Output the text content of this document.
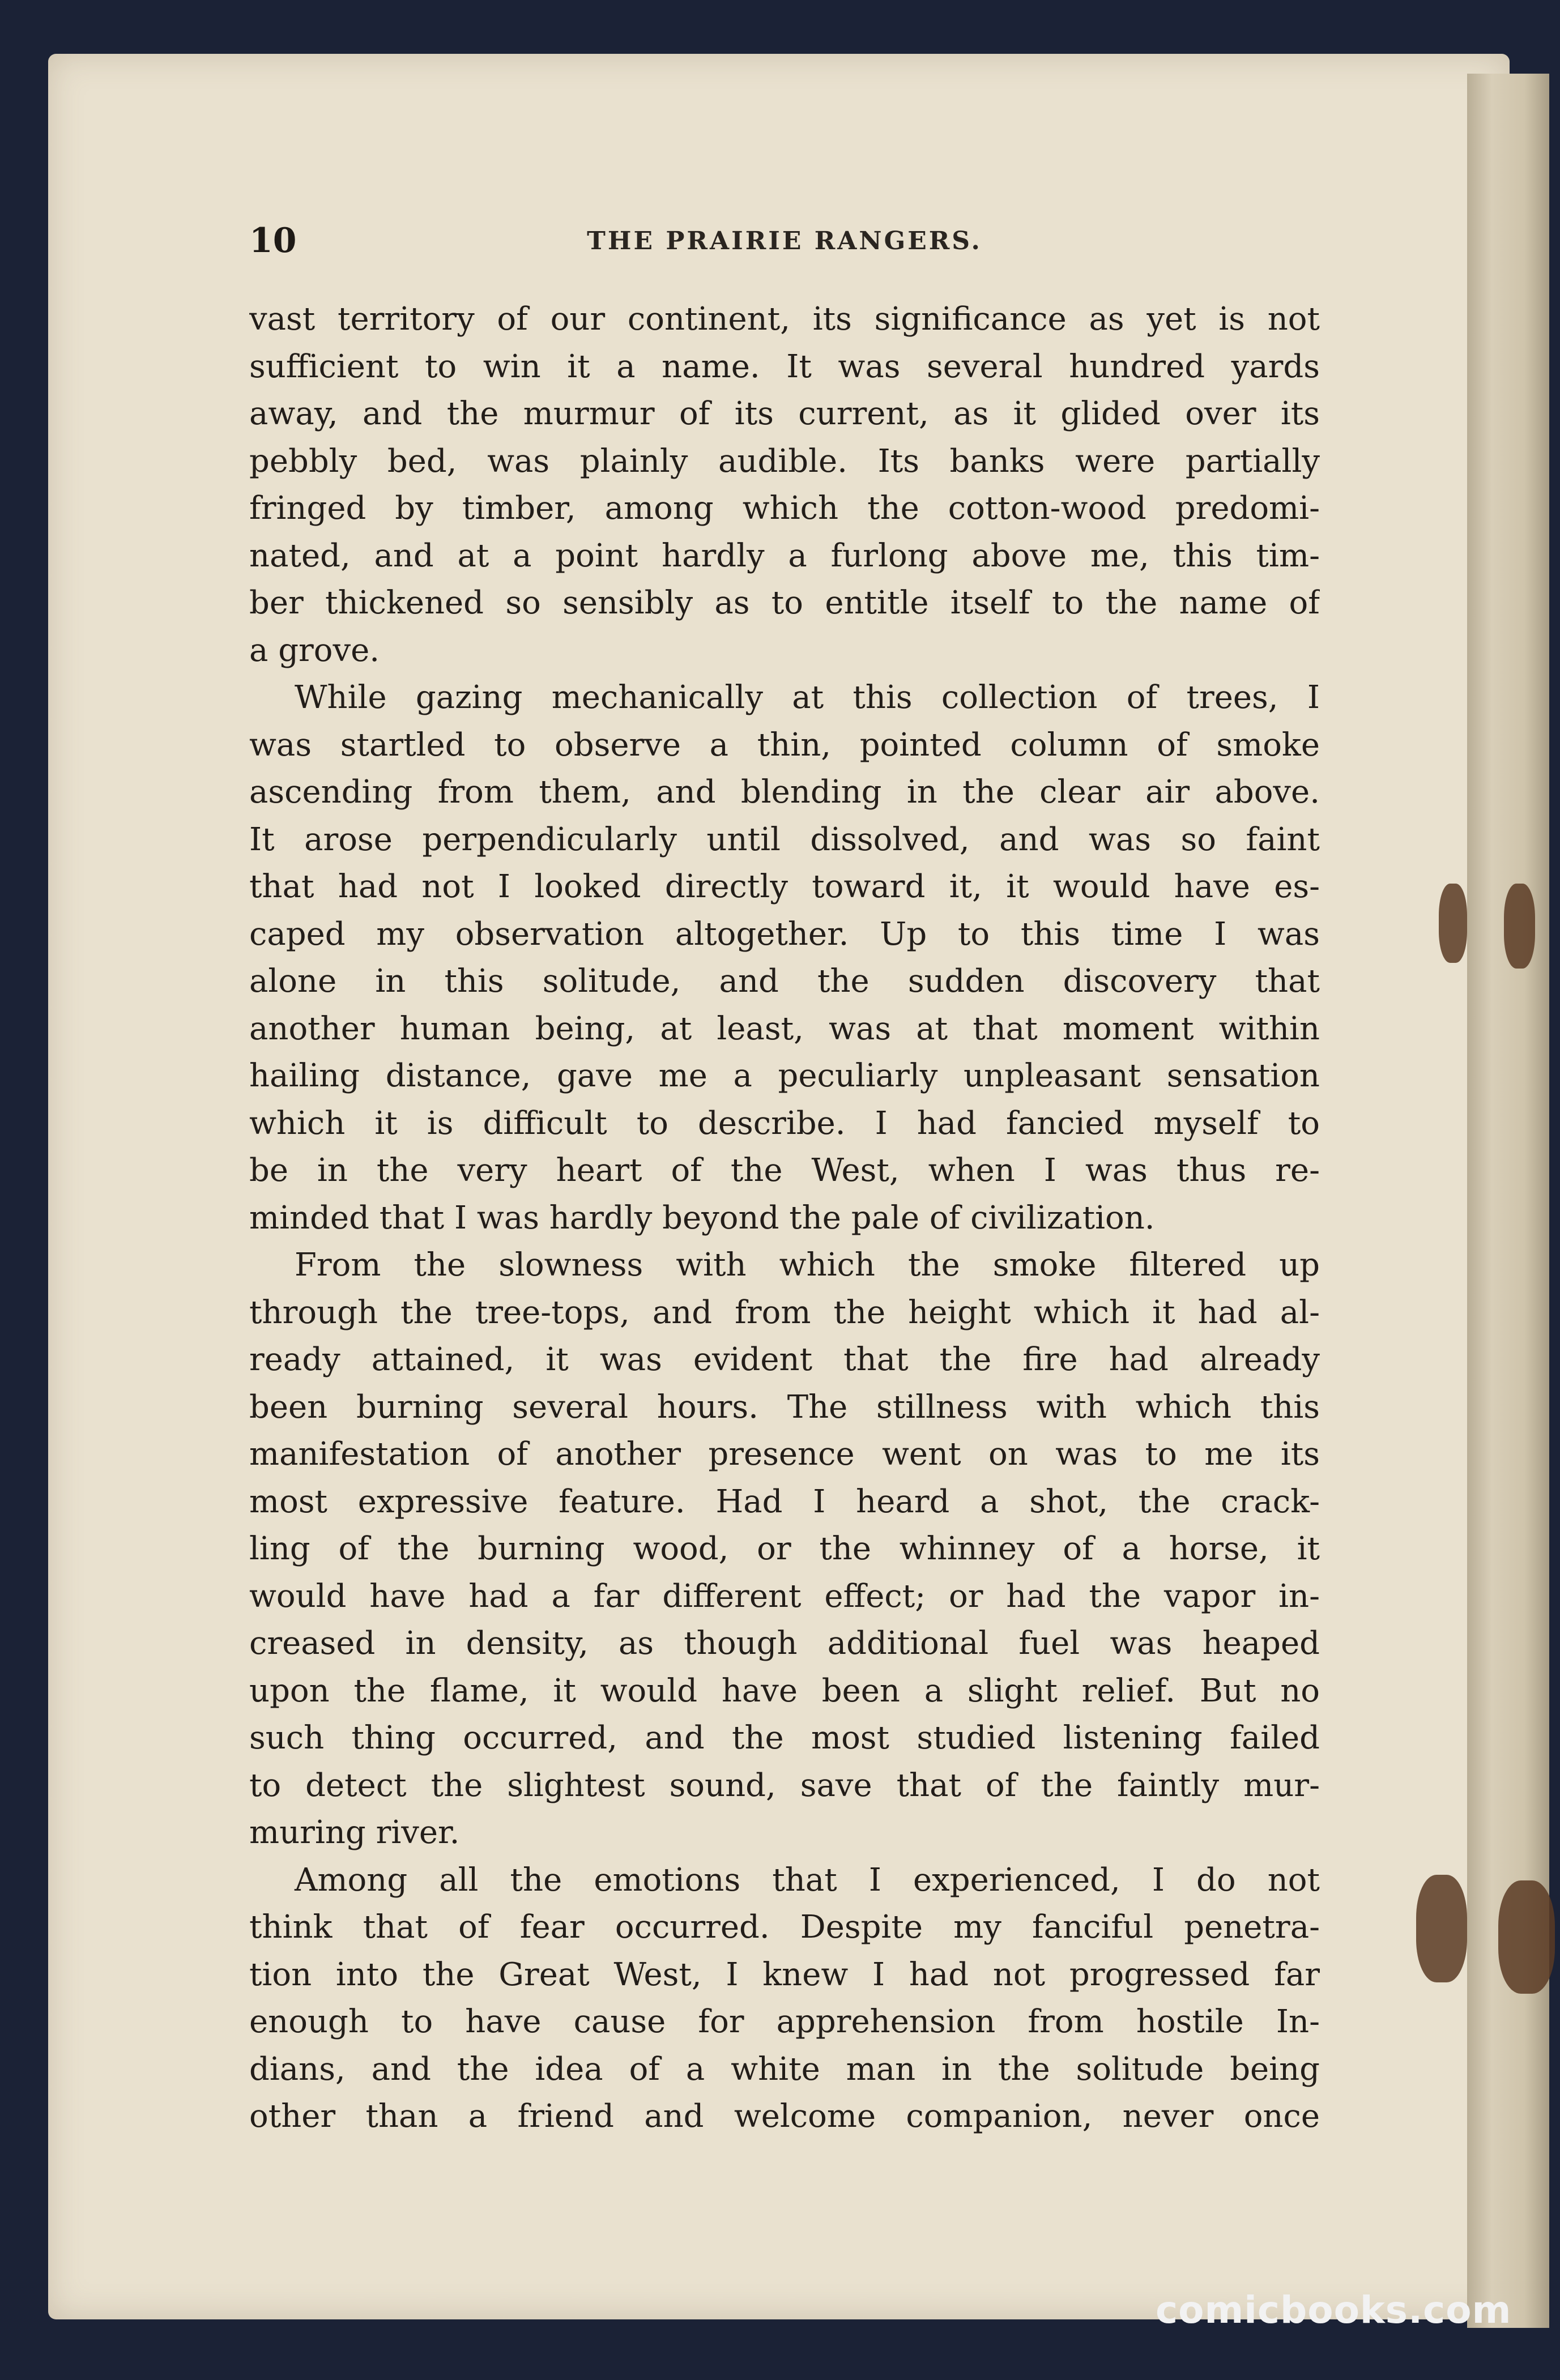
10	THE PRAIRIE RANGERS.
vast territory of our continent, its significance as yet is not
sufficient to win it a name. It was several hundred yards
away, and the murmur of its current, as it glided over its
pebbly bed, was plainly audible. Its banks were partially
fringed by timber, among which the cotton-wood predomi-
nated, and at a point hardly a furlong above me, this tim-
ber thickened so sensibly as to entitle itself to the name of
a grove.
While gazing mechanically at this collection of trees, I
was startled to observe a thin, pointed column of smoke
ascending from them, and blending in the clear air above.
It arose perpendicularly until dissolved, and was so faint
that had not I looked directly toward it, it would have es-
caped my observation altogether. Up to this time I was
alone in this solitude, and the sudden discovery that
another human being, at least, was at that moment within
hailing distance, gave me a peculiarly unpleasant sensation
which it is difficult to describe. I had fancied myself to
be in the very heart of the West, when I was thus re-
minded that I was hardly beyond the pale of civilization.
From the slowness with which the smoke filtered up
through the tree-tops, and from the height which it had al-
ready attained, it was evident that the fire had already
been burning several hours. The stillness with which this
manifestation of another presence went on was to me its
most expressive feature. Had I heard a shot, the crack-
ling of the burning wood, or the whinney of a horse, it
would have had a far different effect; or had the vapor in-
creased in density, as though additional fuel was heaped
upon the flame, it would have been a slight relief. But no
such thing occurred, and the most studied listening failed
to detect the slightest sound, save that of the faintly mur-
muring river.
Among all the emotions that I experienced, I do not
think that of fear occurred. Despite my fanciful penetra-
tion into the Great West, I knew I had not progressed far
enough to have cause for apprehension from hostile In-
dians, and the idea of a white man in the solitude being
other than a friend and welcome companion, never once
comicbooks.com
